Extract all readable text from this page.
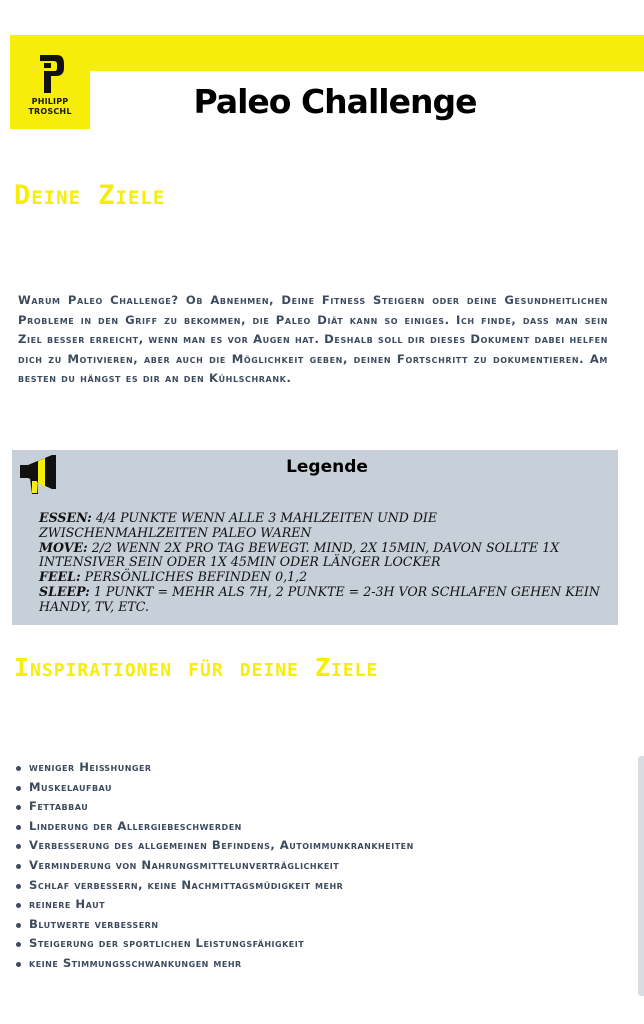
PHILIPP
TROSCHL	Paleo Challenge
Deine Ziele

Warum Paleo Challenge? Ob Abnehmen, Deine Fitness Steigern oder deine Gesundheitlichen Probleme in den Griff zu bekommen, die Paleo Diät kann so einiges. Ich finde, dass man sein Ziel besser erreicht, wenn man es vor Augen hat. Deshalb soll dir dieses Dokument dabei helfen dich zu Motivieren, aber auch die Möglichkeit geben, deinen Fortschritt zu dokumentieren. Am besten du hängst es dir an den Kühlschrank.

Legende
ESSEN: 4/4 PUNKTE WENN ALLE 3 MAHLZEITEN UND DIE ZWISCHENMAHLZEITEN PALEO WAREN
MOVE: 2/2 WENN 2X PRO TAG BEWEGT. MIND, 2X 15MIN, DAVON SOLLTE 1X INTENSIVER SEIN ODER 1X 45MIN ODER LÄNGER LOCKER
FEEL: PERSÖNLICHES BEFINDEN 0,1,2
SLEEP: 1 PUNKT = MEHR ALS 7H, 2 PUNKTE = 2-3H VOR SCHLAFEN GEHEN KEIN HANDY, TV, ETC.
Inspirationen für deine Ziele
weniger Heißhunger
Muskelaufbau
Fettabbau
Linderung der Allergiebeschwerden
Verbesserung des allgemeinen Befindens, Autoimmunkrankheiten
Verminderung von Nahrungsmittelunverträglichkeit
Schlaf verbessern, keine Nachmittagsmüdigkeit mehr
reinere Haut
Blutwerte verbessern
Steigerung der sportlichen Leistungsfähigkeit
keine Stimmungsschwankungen mehr
